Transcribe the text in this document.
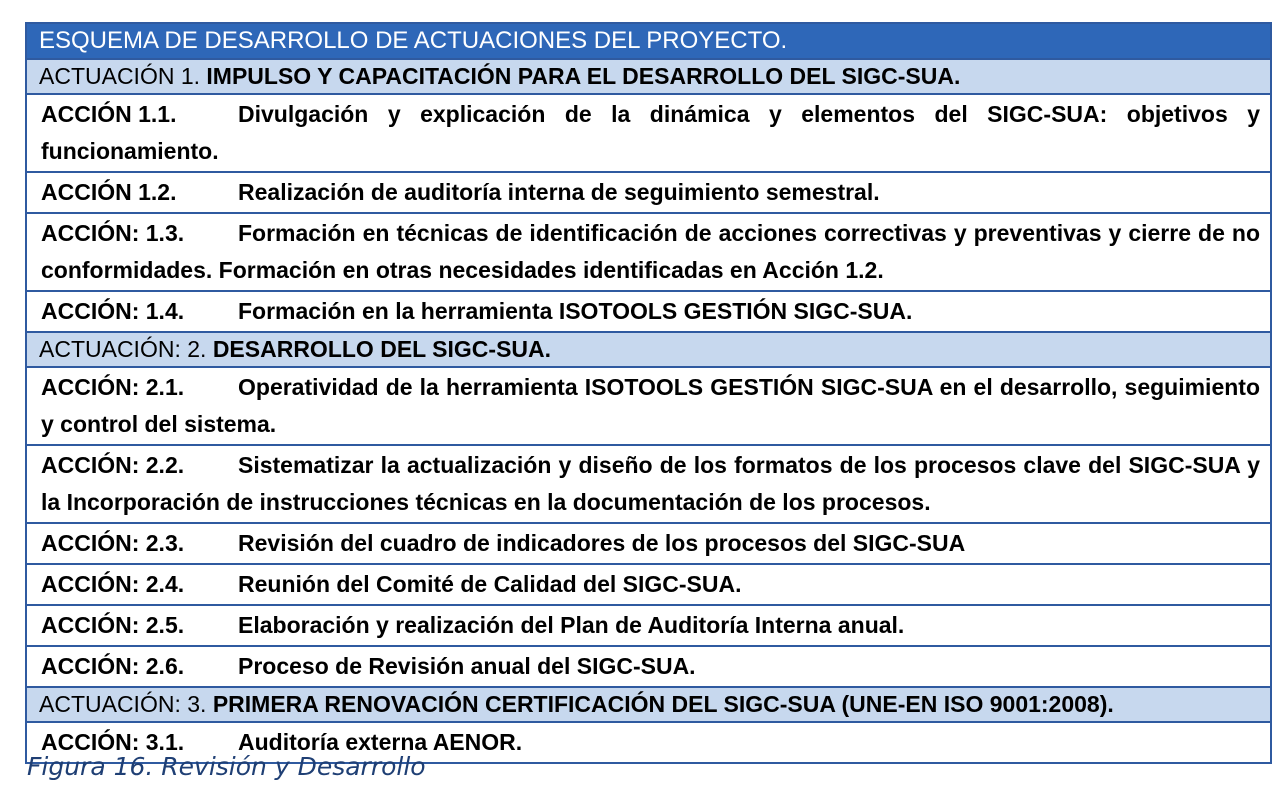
ESQUEMA DE DESARROLLO DE ACTUACIONES DEL PROYECTO.
ACTUACIÓN 1. IMPULSO Y CAPACITACIÓN PARA EL DESARROLLO DEL SIGC-SUA.
ACCIÓN 1.1.	Divulgación y explicación de la dinámica y elementos del SIGC-SUA: objetivos y funcionamiento.
ACCIÓN 1.2.	Realización de auditoría interna de seguimiento semestral.
ACCIÓN: 1.3. Formación en técnicas de identificación de acciones correctivas y preventivas y cierre de no conformidades. Formación en otras necesidades identificadas en Acción 1.2.
ACCIÓN: 1.4. Formación en la herramienta ISOTOOLS GESTIÓN SIGC-SUA.
ACTUACIÓN: 2. DESARROLLO DEL SIGC-SUA.
ACCIÓN: 2.1. Operatividad de la herramienta ISOTOOLS GESTIÓN SIGC-SUA en el desarrollo, seguimiento y control del sistema.
ACCIÓN: 2.2. Sistematizar la actualización y diseño de los formatos de los procesos clave del SIGC-SUA y la Incorporación de instrucciones técnicas en la documentación de los procesos.
ACCIÓN: 2.3. Revisión del cuadro de indicadores de los procesos del SIGC-SUA
ACCIÓN: 2.4. Reunión del Comité de Calidad del SIGC-SUA.
ACCIÓN: 2.5. Elaboración y realización del Plan de Auditoría Interna anual.
ACCIÓN: 2.6. Proceso de Revisión anual del SIGC-SUA.
ACTUACIÓN: 3. PRIMERA RENOVACIÓN CERTIFICACIÓN DEL SIGC-SUA (UNE-EN ISO 9001:2008).
ACCIÓN: 3.1. Auditoría externa AENOR.
Figura 16. Revisión y Desarrollo
